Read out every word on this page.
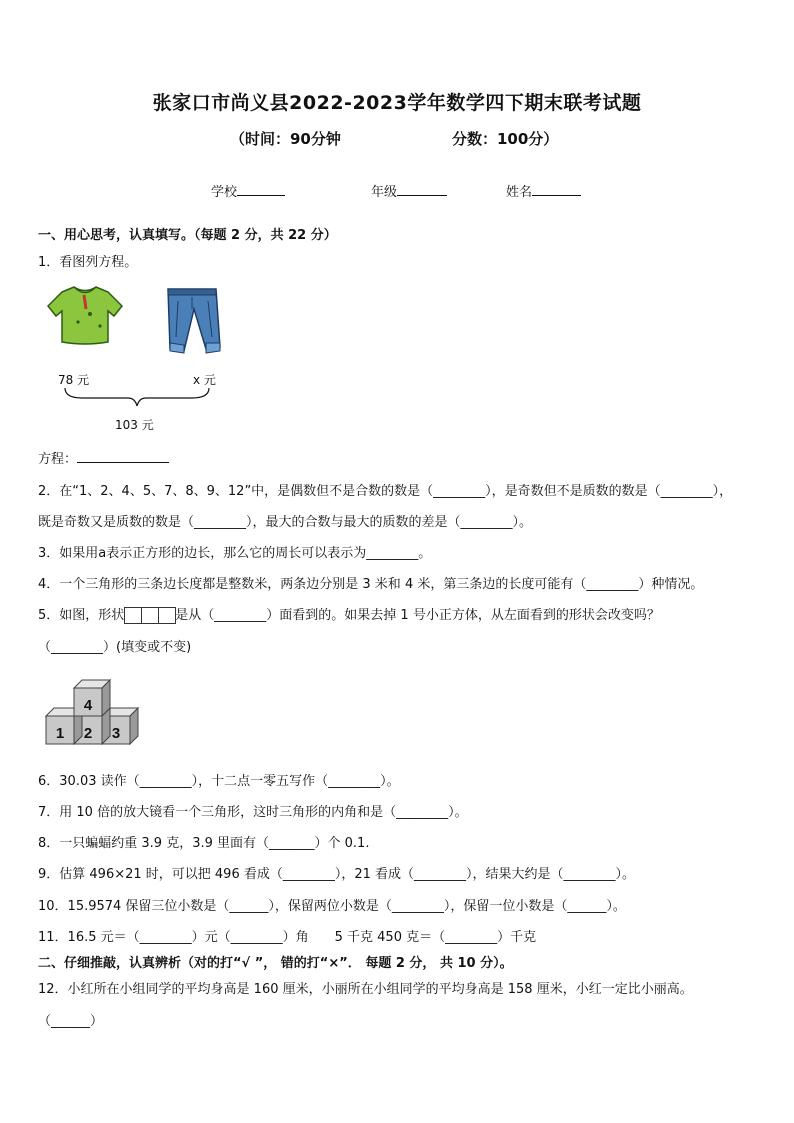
张家口市尚义县2022-2023学年数学四下期末联考试题
（时间：90分钟	分数：100分）
学校	年级	姓名
一、用心思考，认真填写。（每题 2 分，共 22 分）
1．看图列方程。
78 元	x 元
103 元
方程：
2．在“1、2、4、5、7、8、9、12”中，是偶数但不是合数的数是（________），是奇数但不是质数的数是（________），
既是奇数又是质数的数是（________），最大的合数与最大的质数的差是（________）。
3．如果用a表示正方形的边长，那么它的周长可以表示为________。
4．一个三角形的三条边长度都是整数米，两条边分别是 3 米和 4 米，第三条边的长度可能有（________）种情况。
5．如图，形状	是从（________）面看到的。如果去掉 1 号小正方体，从左面看到的形状会改变吗？
（________）(填变或不变)
4
1 2 3
6．30.03 读作（________），十二点一零五写作（________）。
7．用 10 倍的放大镜看一个三角形，这时三角形的内角和是（________）。
8．一只蝙蝠约重 3.9 克，3.9 里面有（_______）个 0.1.
9．估算 496×21 时，可以把 496 看成（________），21 看成（________），结果大约是（________）。
10．15.9574 保留三位小数是（______），保留两位小数是（________），保留一位小数是（______）。
11．16.5 元＝（________）元（________）角　　5 千克 450 克＝（________）千克
二、仔细推敲，认真辨析（对的打“√ ”， 错的打“×”． 每题 2 分， 共 10 分）。
12．小红所在小组同学的平均身高是 160 厘米，小丽所在小组同学的平均身高是 158 厘米，小红一定比小丽高。
（______）
